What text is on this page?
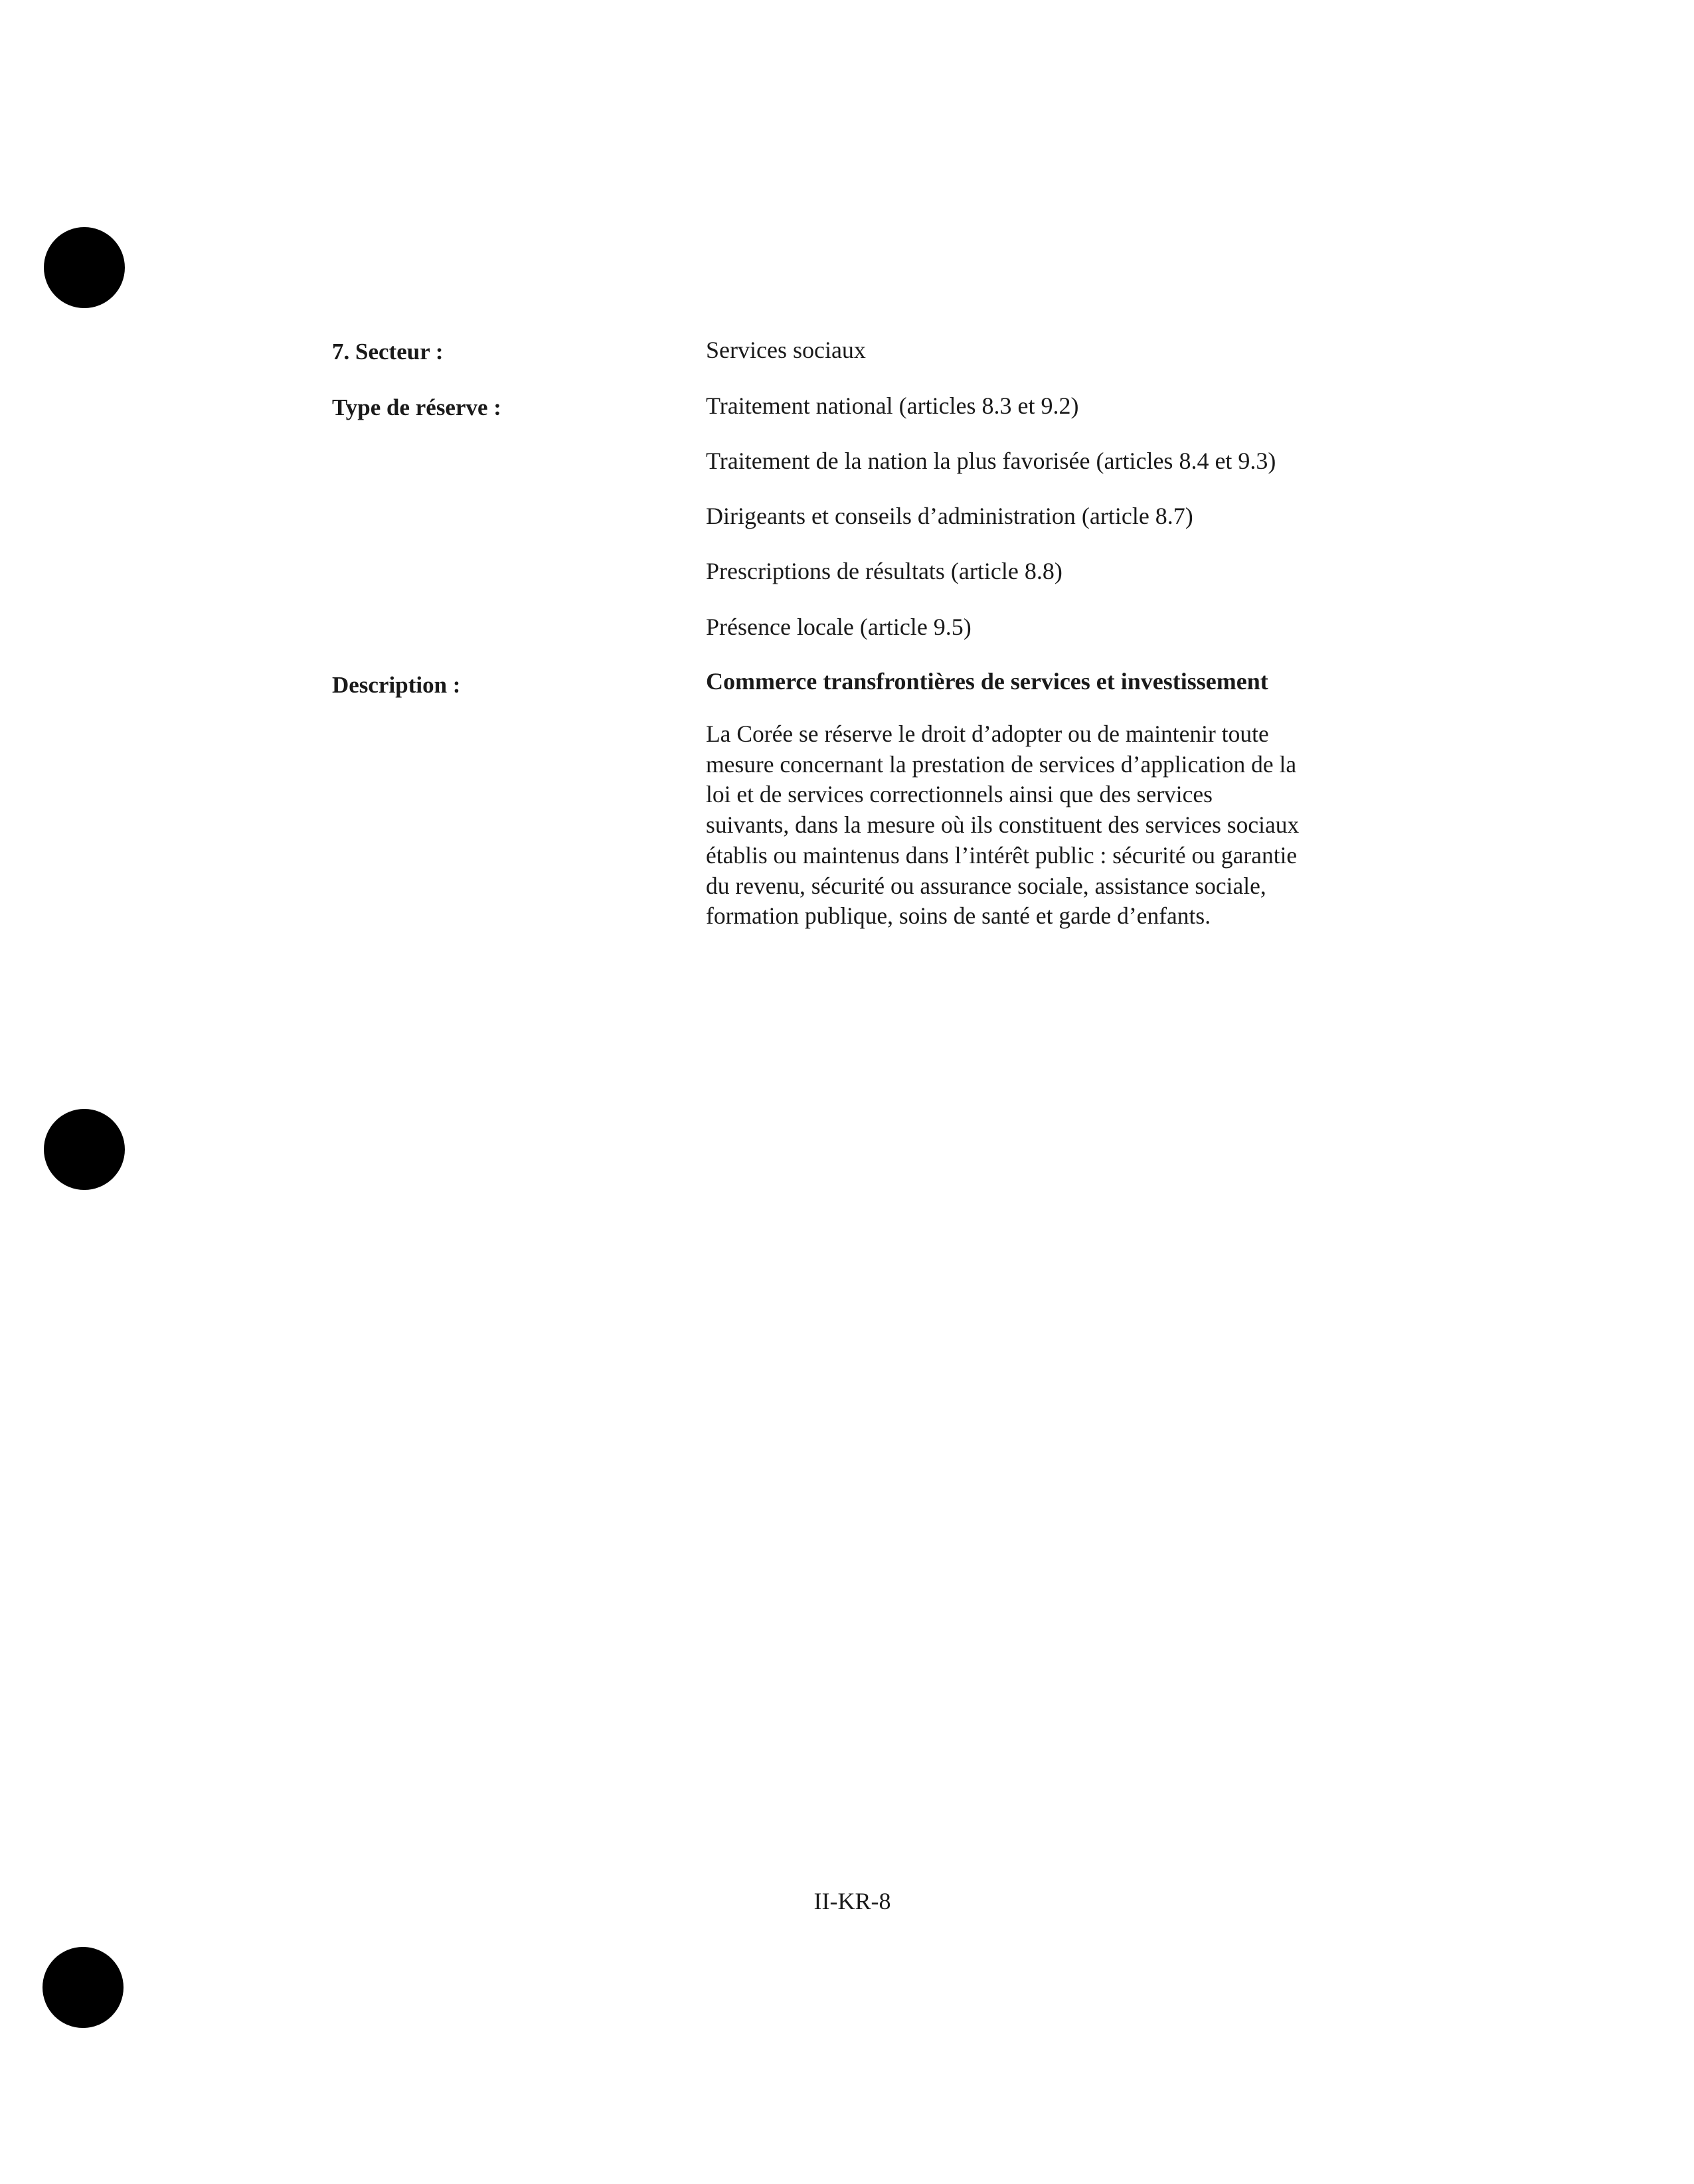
7. Secteur :	Services sociaux
Type de réserve :	Traitement national (articles 8.3 et 9.2)
Traitement de la nation la plus favorisée (articles 8.4 et 9.3)
Dirigeants et conseils d’administration (article 8.7)
Prescriptions de résultats (article 8.8)
Présence locale (article 9.5)
Description :	Commerce transfrontières de services et investissement
La Corée se réserve le droit d’adopter ou de maintenir toute
mesure concernant la prestation de services d’application de la
loi et de services correctionnels ainsi que des services
suivants, dans la mesure où ils constituent des services sociaux
établis ou maintenus dans l’intérêt public : sécurité ou garantie
du revenu, sécurité ou assurance sociale, assistance sociale,
formation publique, soins de santé et garde d’enfants.
II-KR-8
